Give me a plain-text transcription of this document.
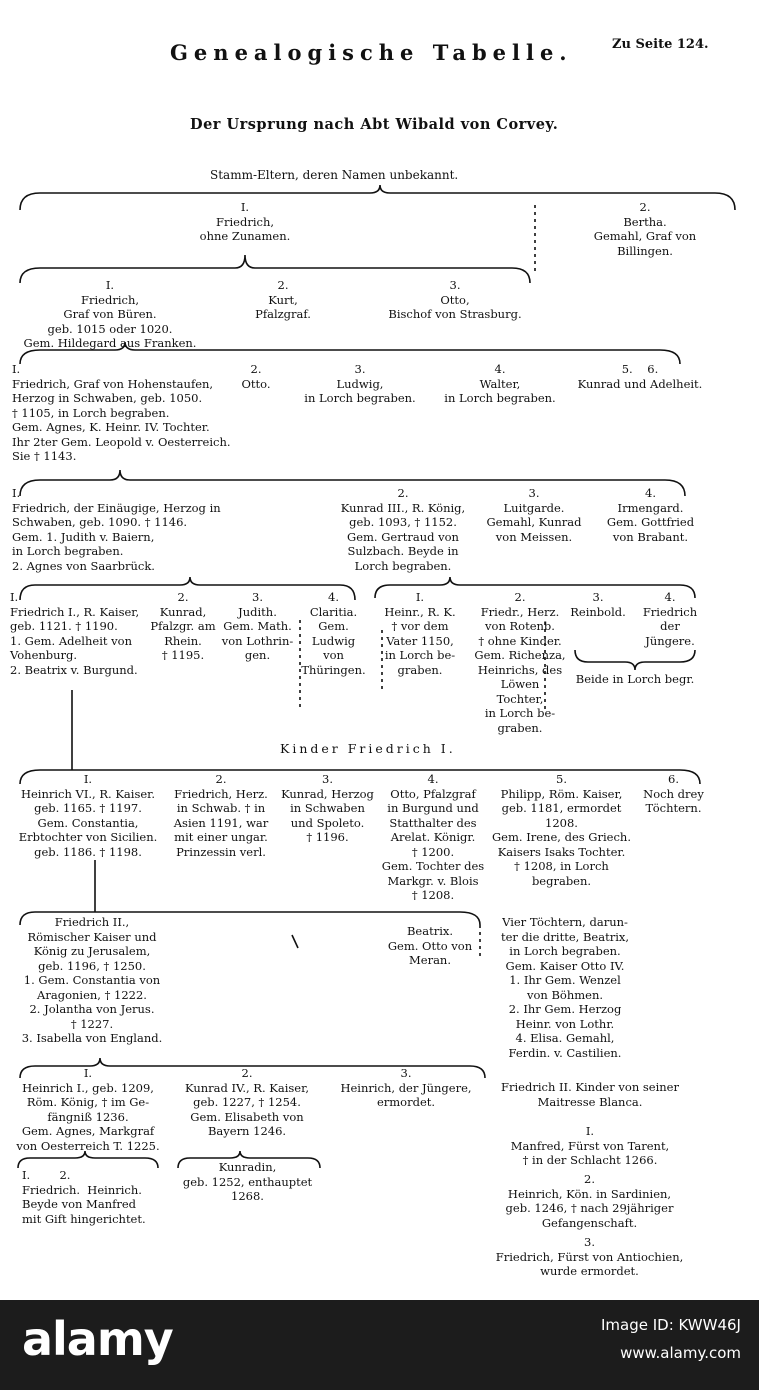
Genealogische Tabelle.	Zu Seite 124.
Der Ursprung nach Abt Wibald von Corvey.
Stamm-Eltern, deren Namen unbekannt.
I.
Friedrich,
ohne Zunamen.
2.
Bertha.
Gemahl, Graf von
Billingen.
I.
Friedrich,
Graf von Büren.
geb. 1015 oder 1020.
Gem. Hildegard aus Franken.
2.
Kurt,
Pfalzgraf.
3.
Otto,
Bischof von Strasburg.
I.
Friedrich, Graf von Hohenstaufen,
Herzog in Schwaben, geb. 1050.
† 1105, in Lorch begraben.
Gem. Agnes, K. Heinr. IV. Tochter.
Ihr 2ter Gem. Leopold v. Oesterreich.
Sie † 1143.
2.
Otto.
3.
Ludwig,
in Lorch begraben.
4.
Walter,
in Lorch begraben.
5.    6.
Kunrad und Adelheit.
I.
Friedrich, der Einäugige, Herzog in
Schwaben, geb. 1090. † 1146.
Gem. 1. Judith v. Baiern,
in Lorch begraben.
2. Agnes von Saarbrück.
2.
Kunrad III., R. König,
geb. 1093, † 1152.
Gem. Gertraud von
Sulzbach. Beyde in
Lorch begraben.
3.
Luitgarde.
Gemahl, Kunrad
von Meissen.
4.
Irmengard.
Gem. Gottfried
von Brabant.
I.
Friedrich I., R. Kaiser,
geb. 1121. † 1190.
1. Gem. Adelheit von
Vohenburg.
2. Beatrix v. Burgund.
2.
Kunrad,
Pfalzgr. am
Rhein.
† 1195.
3.
Judith.
Gem. Math.
von Lothrin-
gen.
4.
Claritia.
Gem.
Ludwig
von
Thüringen.
I.
Heinr., R. K.
† vor dem
Vater 1150,
in Lorch be-
graben.
2.
Friedr., Herz.
von Rotenb.
† ohne Kinder.
Gem. Richenza,
Heinrichs, des
Löwen
Tochter,
in Lorch be-
graben.
3.
Reinbold.
4.
Friedrich
der
Jüngere.
Beide in Lorch begr.
Kinder Friedrich I.
I.
Heinrich VI., R. Kaiser.
geb. 1165. † 1197.
Gem. Constantia,
Erbtochter von Sicilien.
geb. 1186. † 1198.
2.
Friedrich, Herz.
in Schwab. † in
Asien 1191, war
mit einer ungar.
Prinzessin verl.
3.
Kunrad, Herzog
in Schwaben
und Spoleto.
† 1196.
4.
Otto, Pfalzgraf
in Burgund und
Statthalter des
Arelat. Königr.
† 1200.
Gem. Tochter des
Markgr. v. Blois
† 1208.
5.
Philipp, Röm. Kaiser,
geb. 1181, ermordet
1208.
Gem. Irene, des Griech.
Kaisers Isaks Tochter.
† 1208, in Lorch
begraben.
6.
Noch drey
Töchtern.
Friedrich II.,
Römischer Kaiser und
König zu Jerusalem,
geb. 1196, † 1250.
1. Gem. Constantia von
Aragonien, † 1222.
2. Jolantha von Jerus.
† 1227.
3. Isabella von England.
Beatrix.
Gem. Otto von
Meran.
Vier Töchtern, darun-
ter die dritte, Beatrix,
in Lorch begraben.
Gem. Kaiser Otto IV.
1. Ihr Gem. Wenzel
von Böhmen.
2. Ihr Gem. Herzog
Heinr. von Lothr.
4. Elisa. Gemahl,
Ferdin. v. Castilien.
I.
Heinrich I., geb. 1209,
Röm. König, † im Ge-
fängniß 1236.
Gem. Agnes, Markgraf
von Oesterreich T. 1225.
2.
Kunrad IV., R. Kaiser,
geb. 1227, † 1254.
Gem. Elisabeth von
Bayern 1246.
3.
Heinrich, der Jüngere,
ermordet.
Friedrich II. Kinder von seiner
Maitresse Blanca.
I.
Manfred, Fürst von Tarent,
† in der Schlacht 1266.
2.
Heinrich, Kön. in Sardinien,
geb. 1246, † nach 29jähriger
Gefangenschaft.
3.
Friedrich, Fürst von Antiochien,
wurde ermordet.
I.        2.
Friedrich.  Heinrich.
Beyde von Manfred
mit Gift hingerichtet.
Kunradin,
geb. 1252, enthauptet
1268.
alamy	Image ID: KWW46J
www.alamy.com
